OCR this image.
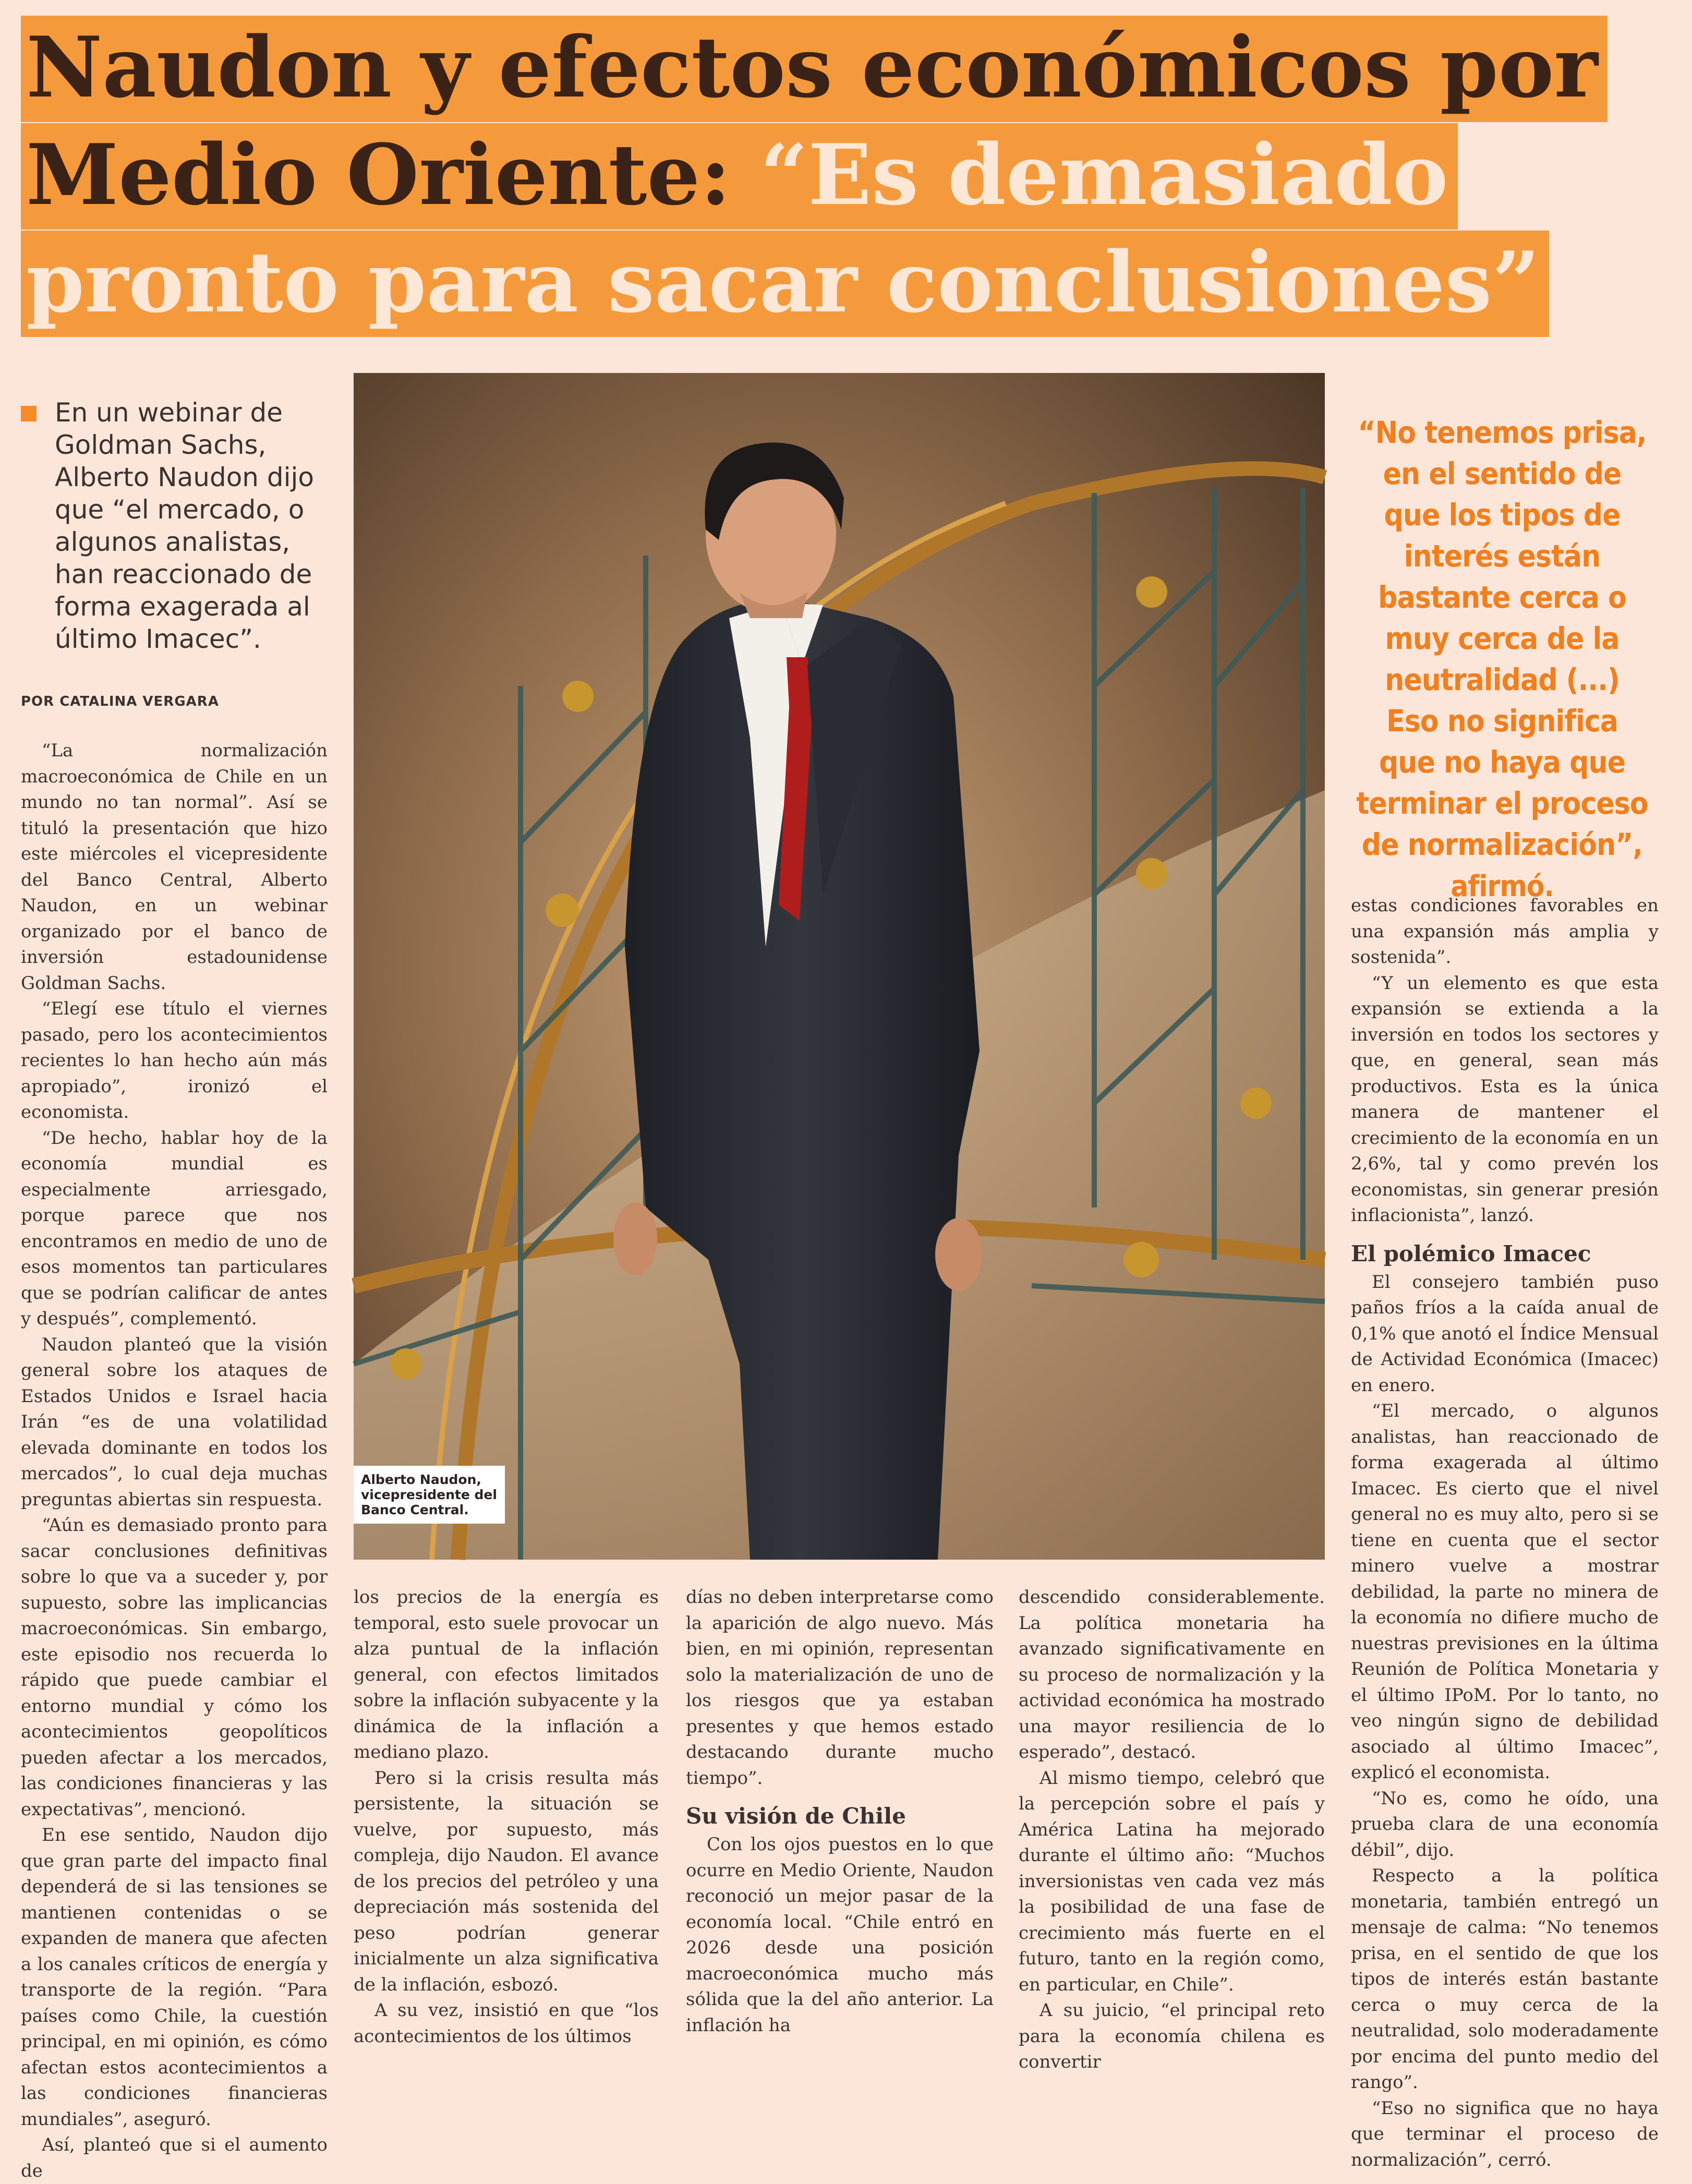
Naudon y efectos económicos por
Medio Oriente: “Es demasiado
pronto para sacar conclusiones”
En un webinar de Goldman Sachs, Alberto Naudon dijo que “el mercado, o algunos analistas, han reaccionado de forma exagerada al último Imacec”.
POR CATALINA VERGARA

“La normalización macroeconómica de Chile en un mundo no tan normal”. Así se tituló la presentación que hizo este miércoles el vicepresidente del Banco Central, Alberto Naudon, en un webinar organizado por el banco de inversión estadounidense Goldman Sachs.

“Elegí ese título el viernes pasado, pero los acontecimientos recientes lo han hecho aún más apropiado”, ironizó el economista.

“De hecho, hablar hoy de la economía mundial es especialmente arriesgado, porque parece que nos encontramos en medio de uno de esos momentos tan particulares que se podrían calificar de antes y después”, complementó.

Naudon planteó que la visión general sobre los ataques de Estados Unidos e Israel hacia Irán “es de una volatilidad elevada dominante en todos los mercados”, lo cual deja muchas preguntas abiertas sin respuesta.

“Aún es demasiado pronto para sacar conclusiones definitivas sobre lo que va a suceder y, por supuesto, sobre las implicancias macroeconómicas. Sin embargo, este episodio nos recuerda lo rápido que puede cambiar el entorno mundial y cómo los acontecimientos geopolíticos pueden afectar a los mercados, las condiciones financieras y las expectativas”, mencionó.

En ese sentido, Naudon dijo que gran parte del impacto final dependerá de si las tensiones se mantienen contenidas o se expanden de manera que afecten a los canales críticos de energía y transporte de la región. “Para países como Chile, la cuestión principal, en mi opinión, es cómo afectan estos acontecimientos a las condiciones financieras mundiales”, aseguró.

Así, planteó que si el aumento de

Alberto Naudon, vicepresidente del Banco Central.
“No tenemos prisa, en el sentido de que los tipos de interés están bastante cerca o muy cerca de la neutralidad (...) Eso no significa que no haya que terminar el proceso de normalización”, afirmó.

los precios de la energía es temporal, esto suele provocar un alza puntual de la inflación general, con efectos limitados sobre la inflación subyacente y la dinámica de la inflación a mediano plazo.

Pero si la crisis resulta más persistente, la situación se vuelve, por supuesto, más compleja, dijo Naudon. El avance de los precios del petróleo y una depreciación más sostenida del peso podrían generar inicialmente un alza significativa de la inflación, esbozó.

A su vez, insistió en que “los acontecimientos de los últimos

días no deben interpretarse como la aparición de algo nuevo. Más bien, en mi opinión, representan solo la materialización de uno de los riesgos que ya estaban presentes y que hemos estado destacando durante mucho tiempo”.

Su visión de Chile

Con los ojos puestos en lo que ocurre en Medio Oriente, Naudon reconoció un mejor pasar de la economía local. “Chile entró en 2026 desde una posición macroeconómica mucho más sólida que la del año anterior. La inflación ha

descendido considerablemente. La política monetaria ha avanzado significativamente en su proceso de normalización y la actividad económica ha mostrado una mayor resiliencia de lo esperado”, destacó.

Al mismo tiempo, celebró que la percepción sobre el país y América Latina ha mejorado durante el último año: “Muchos inversionistas ven cada vez más la posibilidad de una fase de crecimiento más fuerte en el futuro, tanto en la región como, en particular, en Chile”.

A su juicio, “el principal reto para la economía chilena es convertir

estas condiciones favorables en una expansión más amplia y sostenida”.

“Y un elemento es que esta expansión se extienda a la inversión en todos los sectores y que, en general, sean más productivos. Esta es la única manera de mantener el crecimiento de la economía en un 2,6%, tal y como prevén los economistas, sin generar presión inflacionista”, lanzó.

El polémico Imacec

El consejero también puso paños fríos a la caída anual de 0,1% que anotó el Índice Mensual de Actividad Económica (Imacec) en enero.

“El mercado, o algunos analistas, han reaccionado de forma exagerada al último Imacec. Es cierto que el nivel general no es muy alto, pero si se tiene en cuenta que el sector minero vuelve a mostrar debilidad, la parte no minera de la economía no difiere mucho de nuestras previsiones en la última Reunión de Política Monetaria y el último IPoM. Por lo tanto, no veo ningún signo de debilidad asociado al último Imacec”, explicó el economista.

“No es, como he oído, una prueba clara de una economía débil”, dijo.

Respecto a la política monetaria, también entregó un mensaje de calma: “No tenemos prisa, en el sentido de que los tipos de interés están bastante cerca o muy cerca de la neutralidad, solo moderadamente por encima del punto medio del rango”.

“Eso no significa que no haya que terminar el proceso de normalización”, cerró.
